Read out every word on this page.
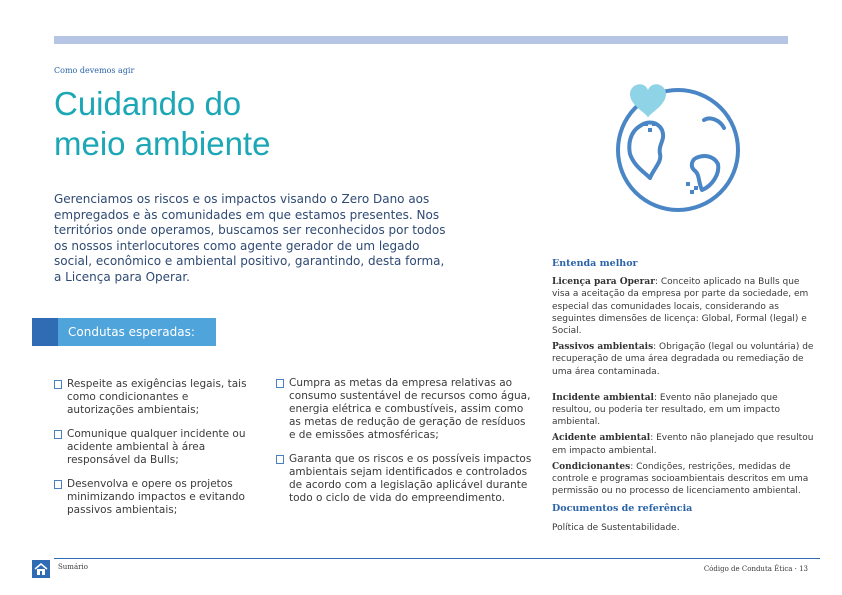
Como devemos agir
Cuidando do
meio ambiente

Gerenciamos os riscos e os impactos visando o Zero Dano aos empregados e às comunidades em que estamos presentes. Nos territórios onde operamos, buscamos ser reconhecidos por todos os nossos interlocutores como agente gerador de um legado social, econômico e ambiental positivo, garantindo, desta forma, a Licença para Operar.

Condutas esperadas:
Respeite as exigências legais, tais como condicionantes e autorizações ambientais;
Comunique qualquer incidente ou acidente ambiental à área responsável da Bulls;
Desenvolva e opere os projetos minimizando impactos e evitando passivos ambientais;
Cumpra as metas da empresa relativas ao consumo sustentável de recursos como água, energia elétrica e combustíveis, assim como as metas de redução de geração de resíduos e de emissões atmosféricas;
Garanta que os riscos e os possíveis impactos ambientais sejam identificados e controlados de acordo com a legislação aplicável durante todo o ciclo de vida do empreendimento.
Entenda melhor
Licença para Operar: Conceito aplicado na Bulls que visa a aceitação da empresa por parte da sociedade, em especial das comunidades locais, considerando as seguintes dimensões de licença: Global, Formal (legal) e Social.
Passivos ambientais: Obrigação (legal ou voluntária) de recuperação de uma área degradada ou remediação de uma área contaminada.
Incidente ambiental: Evento não planejado que resultou, ou poderia ter resultado, em um impacto ambiental.
Acidente ambiental: Evento não planejado que resultou em impacto ambiental.
Condicionantes: Condições, restrições, medidas de controle e programas socioambientais descritos em uma permissão ou no processo de licenciamento ambiental.
Documentos de referência
Política de Sustentabilidade.
Sumário	Código de Conduta Ética · 13
